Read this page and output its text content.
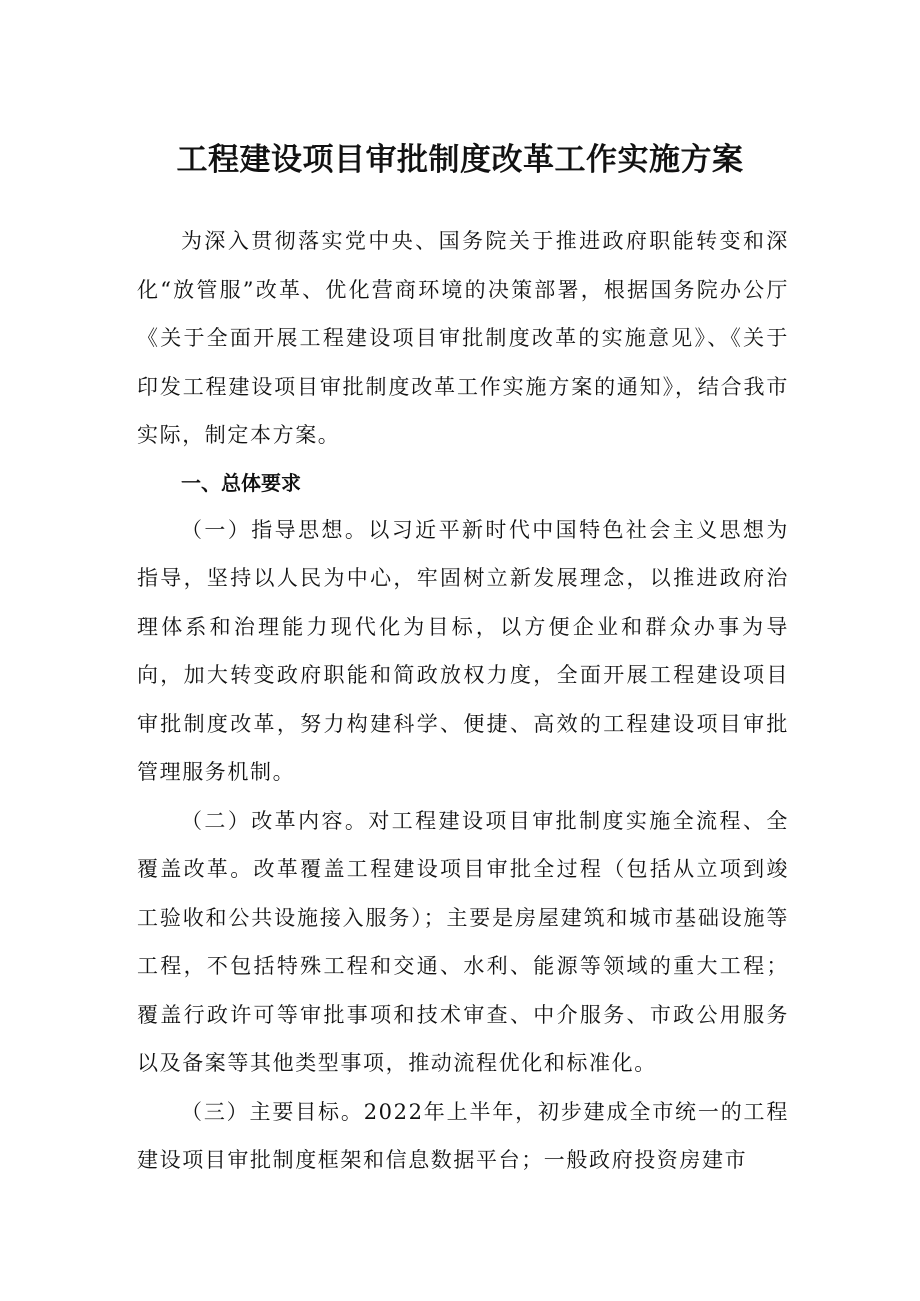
工程建设项目审批制度改革工作实施方案

为深入贯彻落实党中央、国务院关于推进政府职能转变和深化“放管服”改革、优化营商环境的决策部署，根据国务院办公厅《关于全面开展工程建设项目审批制度改革的实施意见》、《关于印发工程建设项目审批制度改革工作实施方案的通知》，结合我市实际，制定本方案。

一、总体要求

（一）指导思想。以习近平新时代中国特色社会主义思想为指导，坚持以人民为中心，牢固树立新发展理念，以推进政府治理体系和治理能力现代化为目标，以方便企业和群众办事为导向，加大转变政府职能和简政放权力度，全面开展工程建设项目审批制度改革，努力构建科学、便捷、高效的工程建设项目审批管理服务机制。

（二）改革内容。对工程建设项目审批制度实施全流程、全覆盖改革。改革覆盖工程建设项目审批全过程（包括从立项到竣工验收和公共设施接入服务）；主要是房屋建筑和城市基础设施等工程，不包括特殊工程和交通、水利、能源等领域的重大工程；覆盖行政许可等审批事项和技术审查、中介服务、市政公用服务以及备案等其他类型事项，推动流程优化和标准化。

（三）主要目标。2022年上半年，初步建成全市统一的工程建设项目审批制度框架和信息数据平台；一般政府投资房建市
